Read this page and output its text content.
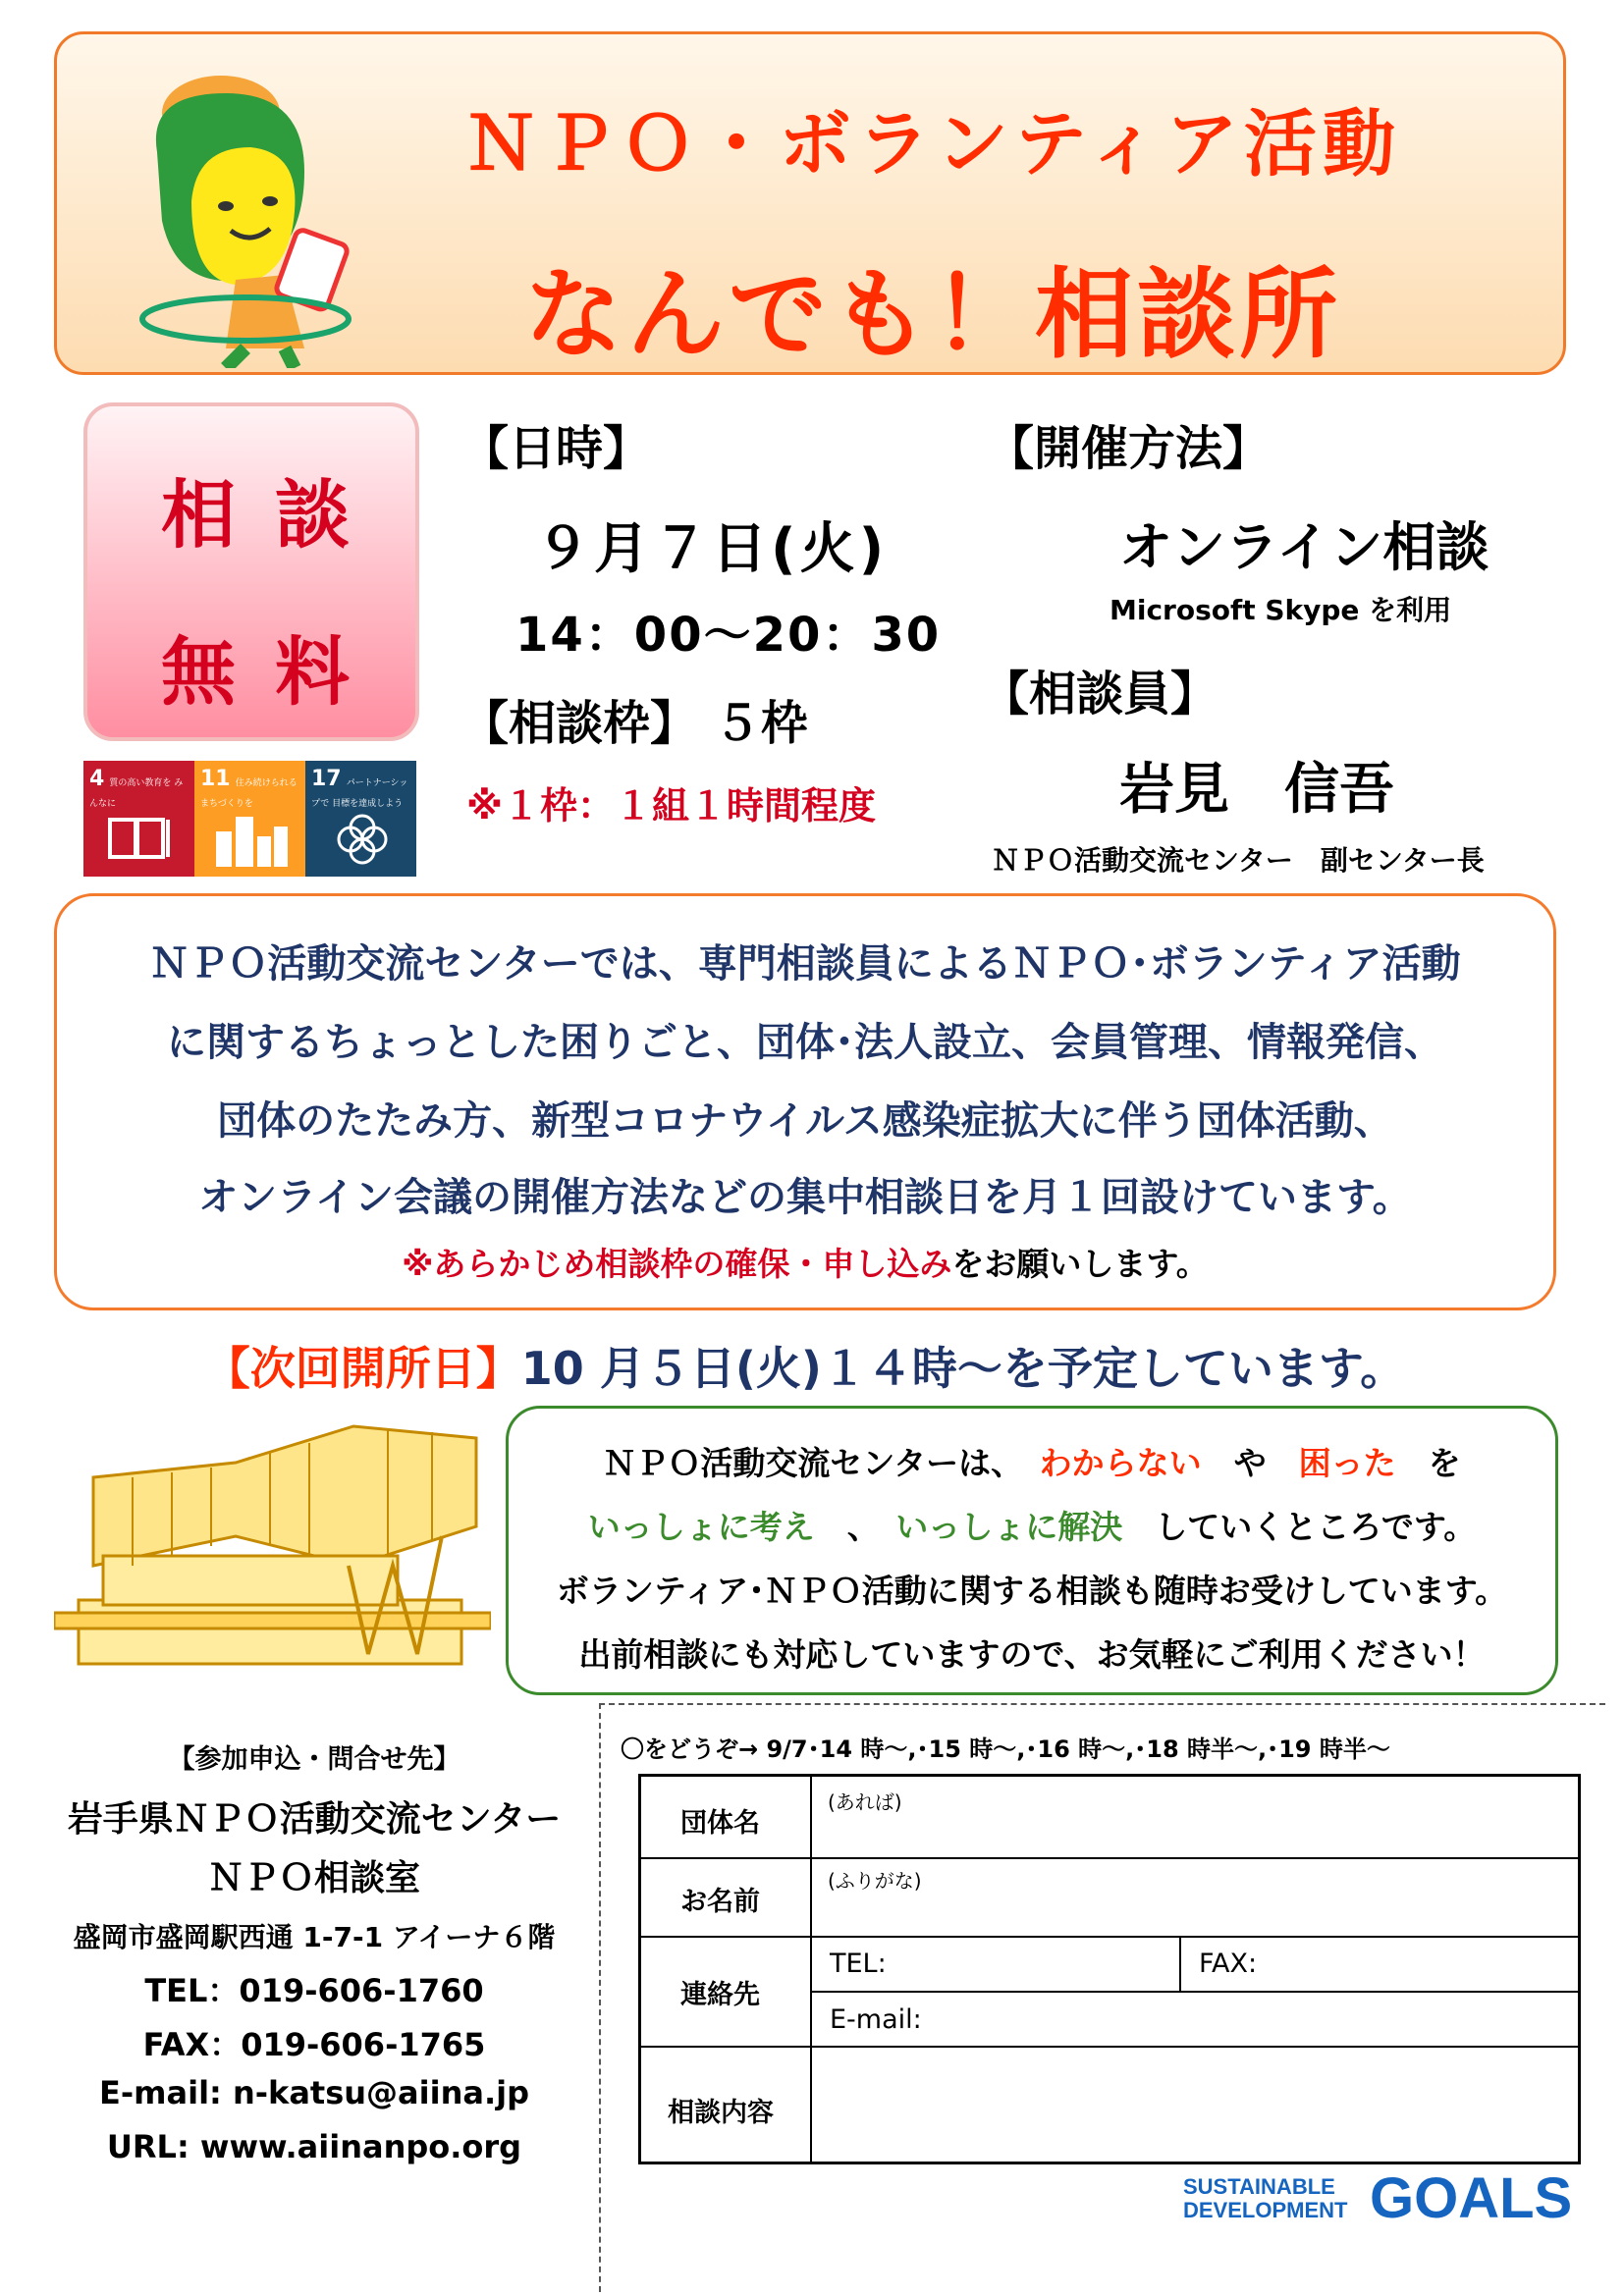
ＮＰＯ・ボランティア活動
なんでも！相談所
相談
無料
4 質の高い教育を みんなに
11 住み続けられる まちづくりを
17 パートナーシップで 目標を達成しよう
【日時】
９月７日(火)
14：00～20：30
【相談枠】 ５枠
※１枠：１組１時間程度
【開催方法】
オンライン相談
Microsoft Skype を利用
【相談員】
岩見　信吾
ＮＰＯ活動交流センター　副センター長
ＮＰＯ活動交流センターでは、専門相談員によるＮＰＯ･ボランティア活動
に関するちょっとした困りごと、団体･法人設立、会員管理、情報発信、
団体のたたみ方、新型コロナウイルス感染症拡大に伴う団体活動、
オンライン会議の開催方法などの集中相談日を月１回設けています。
※あらかじめ相談枠の確保・申し込みをお願いします。
【次回開所日】10 月５日(火)１４時～を予定しています。
ＮＰＯ活動交流センターは、　 わからない　 や　 困った　 を
いっしょに考え　 、　 いっしょに解決　 していくところです。
ボランティア･ＮＰＯ活動に関する相談も随時お受けしています。
出前相談にも対応していますので、お気軽にご利用ください！
【参加申込・問合せ先】
岩手県ＮＰＯ活動交流センター
ＮＰＯ相談室
盛岡市盛岡駅西通 1-7-1 アイーナ６階
TEL：019-606-1760
FAX：019-606-1765
E-mail: n-katsu@aiina.jp
URL: www.aiinanpo.org
〇をどうぞ→ 9/7･14 時～,･15 時～,･16 時～,･18 時半～,･19 時半～
団体名
(あれば)
お名前
(ふりがな)
連絡先
TEL:	FAX:
E-mail:
相談内容
SUSTAINABLE
DEVELOPMENT GOALS
